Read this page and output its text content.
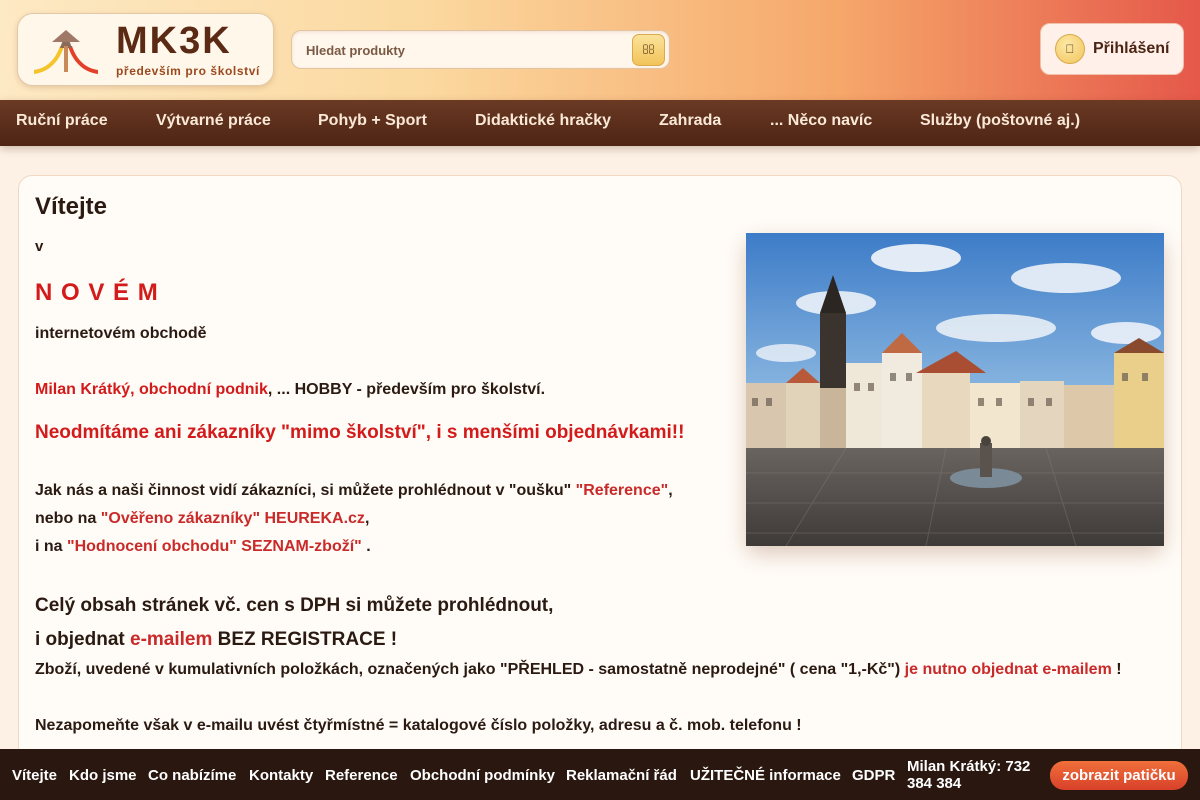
MK3K
především pro školství
Hledat produkty
Přihlášení
Ruční práce	Výtvarné práce	Pohyb + Sport	Didaktické hračky	Zahrada	... Něco navíc	Služby (poštovné aj.)
Vítejte
v
N O V É M
internetovém obchodě
Milan Krátký, obchodní podnik, ... HOBBY - především pro školství.
Neodmítáme ani zákazníky "mimo školství", i s menšími objednávkami!!
Jak nás a naši činnost vidí zákazníci, si můžete prohlédnout v "oušku" "Reference",
nebo na "Ověřeno zákazníky" HEUREKA.cz,
i na "Hodnocení obchodu" SEZNAM-zboží" .
Celý obsah stránek vč. cen s DPH si můžete prohlédnout,
i objednat e-mailem BEZ REGISTRACE !
Zboží, uvedené v kumulativních položkách, označených jako "PŘEHLED - samostatně neprodejné" ( cena "1,-Kč") je nutno objednat e-mailem !
Nezapomeňte však v e-mailu uvést čtyřmístné = katalogové číslo položky, adresu a č. mob. telefonu !
Vítejte Kdo jsme Co nabízíme Kontakty Reference Obchodní podmínky Reklamační řád UŽITEČNÉ informace GDPR
Milan Krátký: 732 384 384	zobrazit patičku
